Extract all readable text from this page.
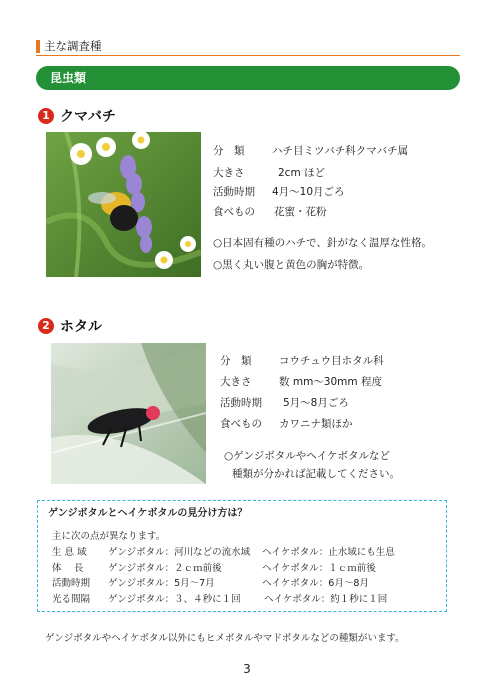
主な調査種
昆虫類
1 クマバチ
分　類	ハチ目ミツバチ科クマバチ属
大きさ	2cm ほど
活動時期 4月～10月ごろ
食べもの 花蜜・花粉
○日本固有種のハチで、針がなく温厚な性格。
○黒く丸い腹と黄色の胸が特徴。
2 ホタル
分　類	コウチュウ目ホタル科
大きさ	数 mm～30mm 程度
活動時期 5月～8月ごろ
食べもの カワニナ類ほか
○ゲンジボタルやヘイケボタルなど
種類が分かれば記載してください。
ゲンジボタルとヘイケボタルの見分け方は？
主に次の点が異なります。
生 息 域 ゲンジボタル：河川などの流水域 ヘイケボタル：止水域にも生息
体　 長	ゲンジボタル：２ｃｍ前後	ヘイケボタル：１ｃｍ前後
活動時期 ゲンジボタル：5月～7月	ヘイケボタル：6月～8月
光る間隔 ゲンジボタル：３、４秒に１回 ヘイケボタル：約１秒に１回
ゲンジボタルやヘイケボタル以外にもヒメボタルやマドボタルなどの種類がいます。
3
